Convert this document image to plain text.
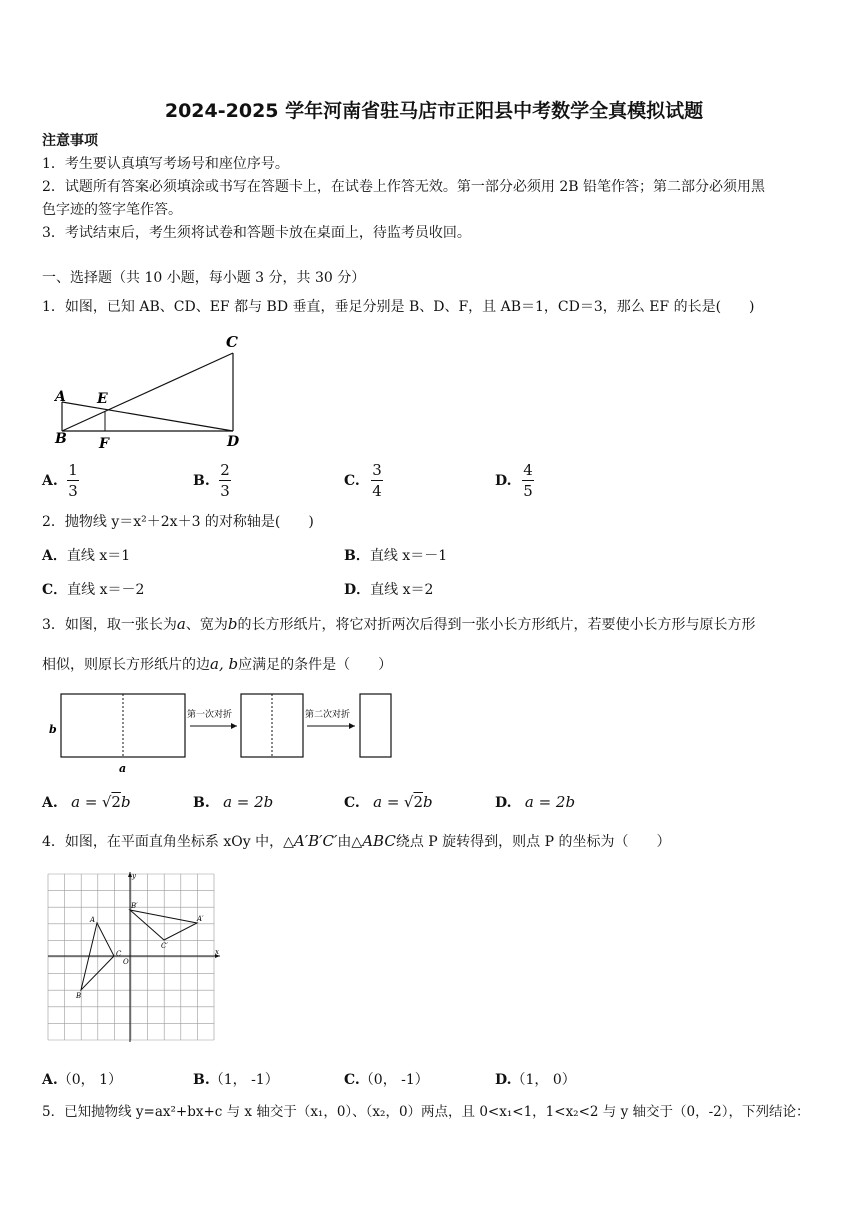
2024-2025 学年河南省驻马店市正阳县中考数学全真模拟试题
注意事项
1．考生要认真填写考场号和座位序号。
2．试题所有答案必须填涂或书写在答题卡上，在试卷上作答无效。第一部分必须用 2B 铅笔作答；第二部分必须用黑
色字迹的签字笔作答。
3．考试结束后，考生须将试卷和答题卡放在桌面上，待监考员收回。
一、选择题（共 10 小题，每小题 3 分，共 30 分）
1．如图，已知 AB、CD、EF 都与 BD 垂直，垂足分别是 B、D、F，且 AB＝1，CD＝3，那么 EF 的长是(　　)
C
A E
B F	D
A.
1
3
B.
2
3
C.
3
4
D.
4
5
2．抛物线 y＝x²＋2x＋3 的对称轴是(　　)
A．直线 x＝1	B．直线 x＝－1
C．直线 x＝－2	D．直线 x＝2
3．如图，取一张长为a、宽为b的长方形纸片，将它对折两次后得到一张小长方形纸片，若要使小长方形与原长方形
相似，则原长方形纸片的边a, b应满足的条件是（　　）
b
a
第一次对折	第二次对折
A. a = √2b	B. a = 2b	C. a = √2b	D. a = 2b
4．如图，在平面直角坐标系 xOy 中，△A′B′C′由△ABC绕点 P 旋转得到，则点 P 的坐标为（　　）
y
x
O
A
C
B
B′
A′
C′
A.（0， 1）	B.（1， -1）	C.（0， -1）	D.（1， 0）
5．已知抛物线 y=ax²+bx+c 与 x 轴交于（x₁，0）、（x₂，0）两点，且 0<x₁<1，1<x₂<2 与 y 轴交于（0，-2），下列结论：
